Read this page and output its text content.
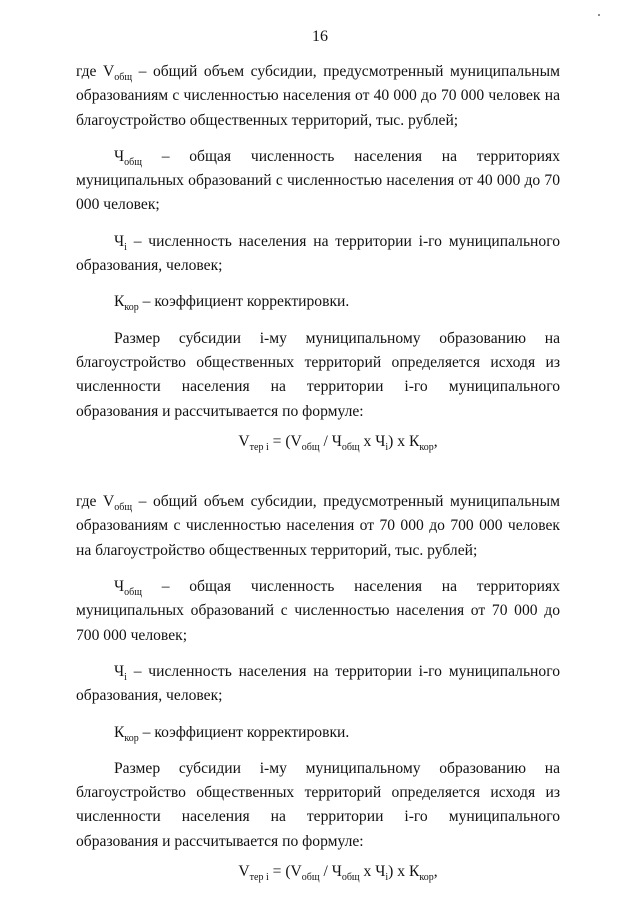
16

где $V_{общ}$ – общий объем субсидии, предусмотренный муниципальным образованиям с численностью населения от 40 000 до 70 000 человек на благоустройство общественных территорий, тыс. рублей;

$Ч_{общ}$ – общая численность населения на территориях муниципальных образований с численностью населения от 40 000 до 70 000 человек;

$Ч_i$ – численность населения на территории i-го муниципального образования, человек;

$К_{кор}$ – коэффициент корректировки.

Размер субсидии i-му муниципальному образованию на благоустройство общественных территорий определяется исходя из численности населения на территории i-го муниципального образования и рассчитывается по формуле:

$V_{тер i} = (V_{общ} / Ч_{общ}$ x $Ч_i$) x $К_{кор}$,

где $V_{общ}$ – общий объем субсидии, предусмотренный муниципальным образованиям с численностью населения от 70 000 до 700 000 человек на благоустройство общественных территорий, тыс. рублей;

$Ч_{общ}$ – общая численность населения на территориях муниципальных образований с численностью населения от 70 000 до 700 000 человек;

$Ч_i$ – численность населения на территории i-го муниципального образования, человек;

$К_{кор}$ – коэффициент корректировки.

Размер субсидии i-му муниципальному образованию на благоустройство общественных территорий определяется исходя из численности населения на территории i-го муниципального образования и рассчитывается по формуле:

$V_{тер i} = (V_{общ} / Ч_{общ}$ x $Ч_i$) x $К_{кор}$,
